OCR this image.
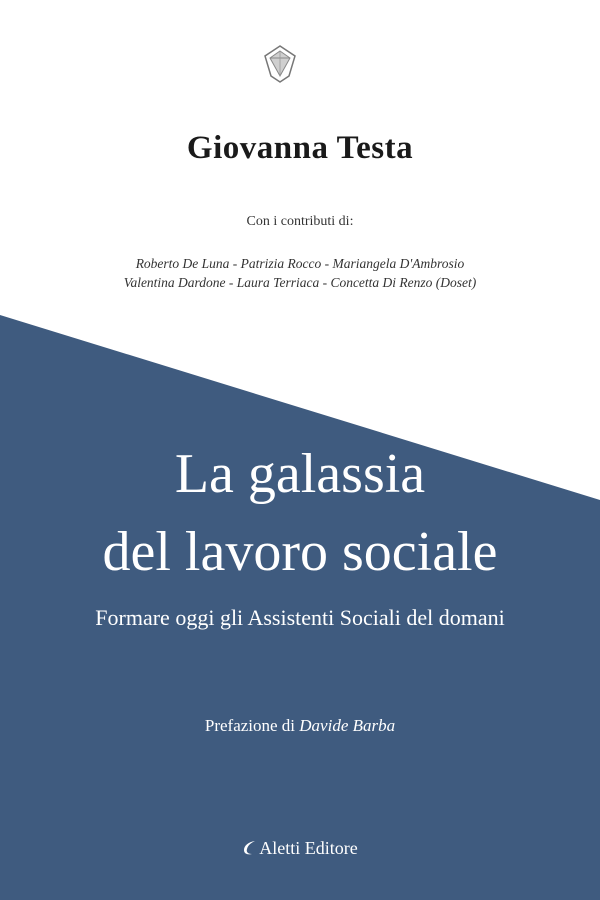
Giovanna Testa
Con i contributi di:
Roberto De Luna - Patrizia Rocco - Mariangela D'Ambrosio
Valentina Dardone - Laura Terriaca - Concetta Di Renzo (Doset)
La galassia
del lavoro sociale
Formare oggi gli Assistenti Sociali del domani
Prefazione di Davide Barba
Aletti Editore
